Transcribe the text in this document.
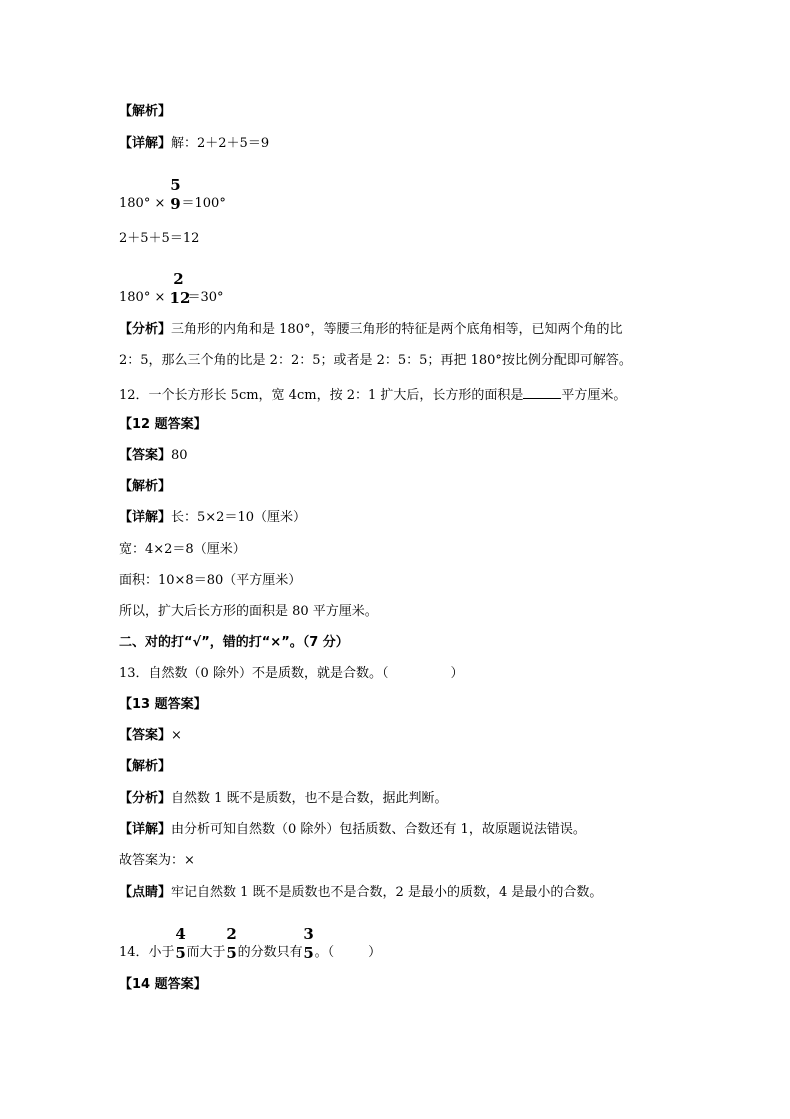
【解析】
【详解】解：2＋2＋5＝9
180° ×
5
9 ＝100°
2＋5＋5＝12
180° ×
2
12
＝30°
【分析】三角形的内角和是 180°，等腰三角形的特征是两个底角相等，已知两个角的比
2：5，那么三个角的比是 2：2：5；或者是 2：5：5；再把 180°按比例分配即可解答。
12．一个长方形长 5cm，宽 4cm，按 2：1 扩大后，长方形的面积是	平方厘米。
【12 题答案】
【答案】80
【解析】
【详解】长：5×2＝10（厘米）
宽：4×2＝8（厘米）
面积：10×8＝80（平方厘米）
所以，扩大后长方形的面积是 80 平方厘米。
二、对的打“√”，错的打“×”。（7 分）
13．自然数（0 除外）不是质数，就是合数。（	）
【13 题答案】
【答案】×
【解析】
【分析】自然数 1 既不是质数，也不是合数，据此判断。
【详解】由分析可知自然数（0 除外）包括质数、合数还有 1，故原题说法错误。
故答案为：×
【点睛】牢记自然数 1 既不是质数也不是合数，2 是最小的质数，4 是最小的合数。
14．小于
4
5 而大于
2
5 的分数只有
3
5 。（	）
【14 题答案】
